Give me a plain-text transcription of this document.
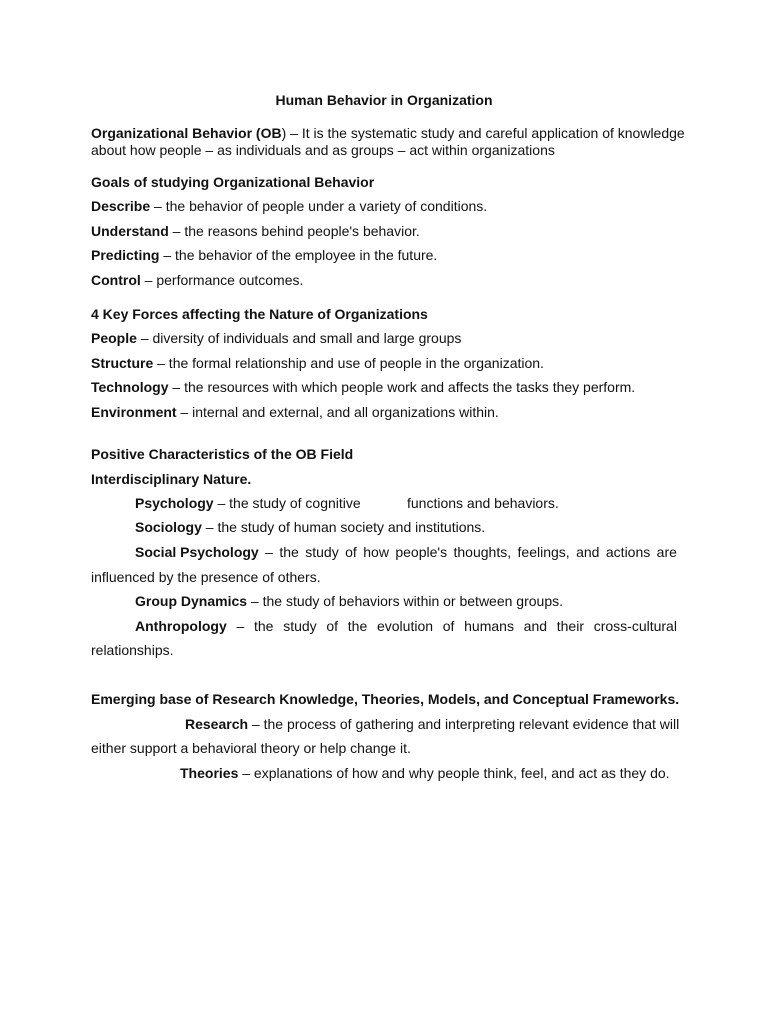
Human Behavior in Organization
Organizational Behavior (OB) – It is the systematic study and careful application of knowledge
about how people – as individuals and as groups – act within organizations
Goals of studying Organizational Behavior
Describe – the behavior of people under a variety of conditions.
Understand – the reasons behind people's behavior.
Predicting – the behavior of the employee in the future.
Control – performance outcomes.
4 Key Forces affecting the Nature of Organizations
People – diversity of individuals and small and large groups
Structure – the formal relationship and use of people in the organization.
Technology – the resources with which people work and affects the tasks they perform.
Environment – internal and external, and all organizations within.
Positive Characteristics of the OB Field
Interdisciplinary Nature.
Psychology – the study of cognitive	functions and behaviors.
Sociology – the study of human society and institutions.
Social Psychology – the study of how people's thoughts, feelings, and actions are
influenced by the presence of others.
Group Dynamics – the study of behaviors within or between groups.
Anthropology – the study of the evolution of humans and their cross-cultural
relationships.
Emerging base of Research Knowledge, Theories, Models, and Conceptual Frameworks.
Research – the process of gathering and interpreting relevant evidence that will
either support a behavioral theory or help change it.
Theories – explanations of how and why people think, feel, and act as they do.
